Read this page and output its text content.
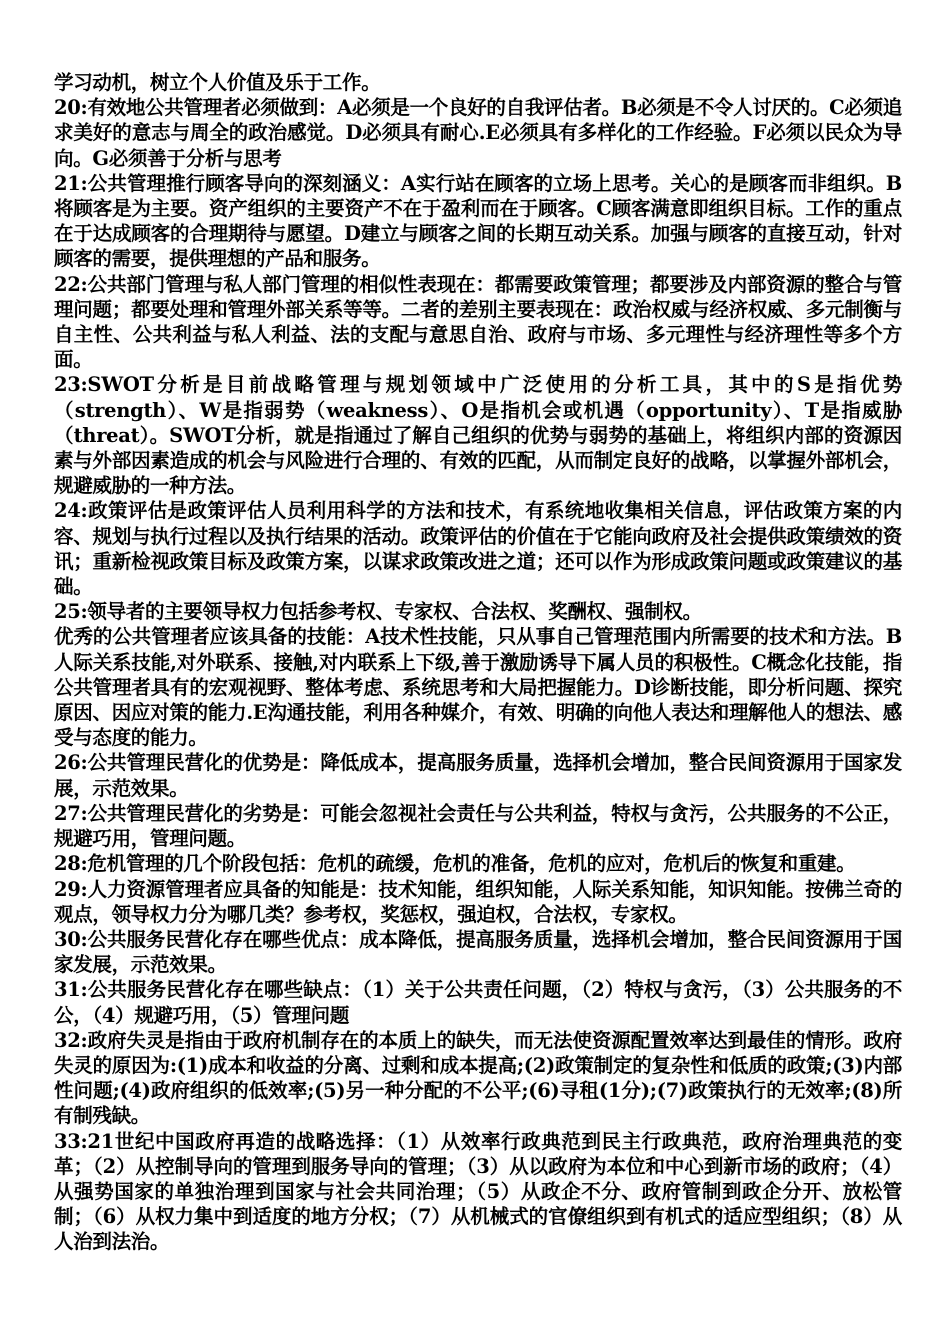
学习动机，树立个人价值及乐于工作。

20:有效地公共管理者必须做到：A必须是一个良好的自我评估者。B必须是不令人讨厌的。C必须追求美好的意志与周全的政治感觉。D必须具有耐心.E必须具有多样化的工作经验。F必须以民众为导向。G必须善于分析与思考

21:公共管理推行顾客导向的深刻涵义：A实行站在顾客的立场上思考。关心的是顾客而非组织。B将顾客是为主要。资产组织的主要资产不在于盈利而在于顾客。C顾客满意即组织目标。工作的重点在于达成顾客的合理期待与愿望。D建立与顾客之间的长期互动关系。加强与顾客的直接互动，针对顾客的需要，提供理想的产品和服务。

22:公共部门管理与私人部门管理的相似性表现在：都需要政策管理；都要涉及内部资源的整合与管理问题；都要处理和管理外部关系等等。二者的差别主要表现在：政治权威与经济权威、多元制衡与自主性、公共利益与私人利益、法的支配与意思自治、政府与市场、多元理性与经济理性等多个方面。

23:SWOT分析是目前战略管理与规划领域中广泛使用的分析工具，其中的S是指优势（strength）、W是指弱势（weakness）、O是指机会或机遇（opportunity）、T是指威胁（threat）。SWOT分析，就是指通过了解自己组织的优势与弱势的基础上，将组织内部的资源因素与外部因素造成的机会与风险进行合理的、有效的匹配，从而制定良好的战略，以掌握外部机会，规避威胁的一种方法。

24:政策评估是政策评估人员利用科学的方法和技术，有系统地收集相关信息，评估政策方案的内容、规划与执行过程以及执行结果的活动。政策评估的价值在于它能向政府及社会提供政策绩效的资讯；重新检视政策目标及政策方案，以谋求政策改进之道；还可以作为形成政策问题或政策建议的基础。

25:领导者的主要领导权力包括参考权、专家权、合法权、奖酬权、强制权。

优秀的公共管理者应该具备的技能：A技术性技能，只从事自己管理范围内所需要的技术和方法。B人际关系技能,对外联系、接触,对内联系上下级,善于激励诱导下属人员的积极性。C概念化技能，指公共管理者具有的宏观视野、整体考虑、系统思考和大局把握能力。D诊断技能，即分析问题、探究原因、因应对策的能力.E沟通技能，利用各种媒介，有效、明确的向他人表达和理解他人的想法、感受与态度的能力。

26:公共管理民营化的优势是：降低成本，提高服务质量，选择机会增加，整合民间资源用于国家发展，示范效果。

27:公共管理民营化的劣势是：可能会忽视社会责任与公共利益，特权与贪污，公共服务的不公正，规避巧用，管理问题。

28:危机管理的几个阶段包括：危机的疏缓，危机的准备，危机的应对，危机后的恢复和重建。

29:人力资源管理者应具备的知能是：技术知能，组织知能，人际关系知能，知识知能。按佛兰奇的观点，领导权力分为哪几类？参考权，奖惩权，强迫权，合法权，专家权。

30:公共服务民营化存在哪些优点：成本降低，提高服务质量，选择机会增加，整合民间资源用于国家发展，示范效果。

31:公共服务民营化存在哪些缺点：（1）关于公共责任问题，（2）特权与贪污，（3）公共服务的不公，（4）规避巧用，（5）管理问题

32:政府失灵是指由于政府机制存在的本质上的缺失，而无法使资源配置效率达到最佳的情形。政府失灵的原因为:(1)成本和收益的分离、过剩和成本提高;(2)政策制定的复杂性和低质的政策;(3)内部性问题;(4)政府组织的低效率;(5)另一种分配的不公平;(6)寻租(1分);(7)政策执行的无效率;(8)所有制残缺。

33:21世纪中国政府再造的战略选择：（1）从效率行政典范到民主行政典范，政府治理典范的变革；（2）从控制导向的管理到服务导向的管理；（3）从以政府为本位和中心到新市场的政府；（4）从强势国家的单独治理到国家与社会共同治理；（5）从政企不分、政府管制到政企分开、放松管制；（6）从权力集中到适度的地方分权；（7）从机械式的官僚组织到有机式的适应型组织；（8）从人治到法治。
